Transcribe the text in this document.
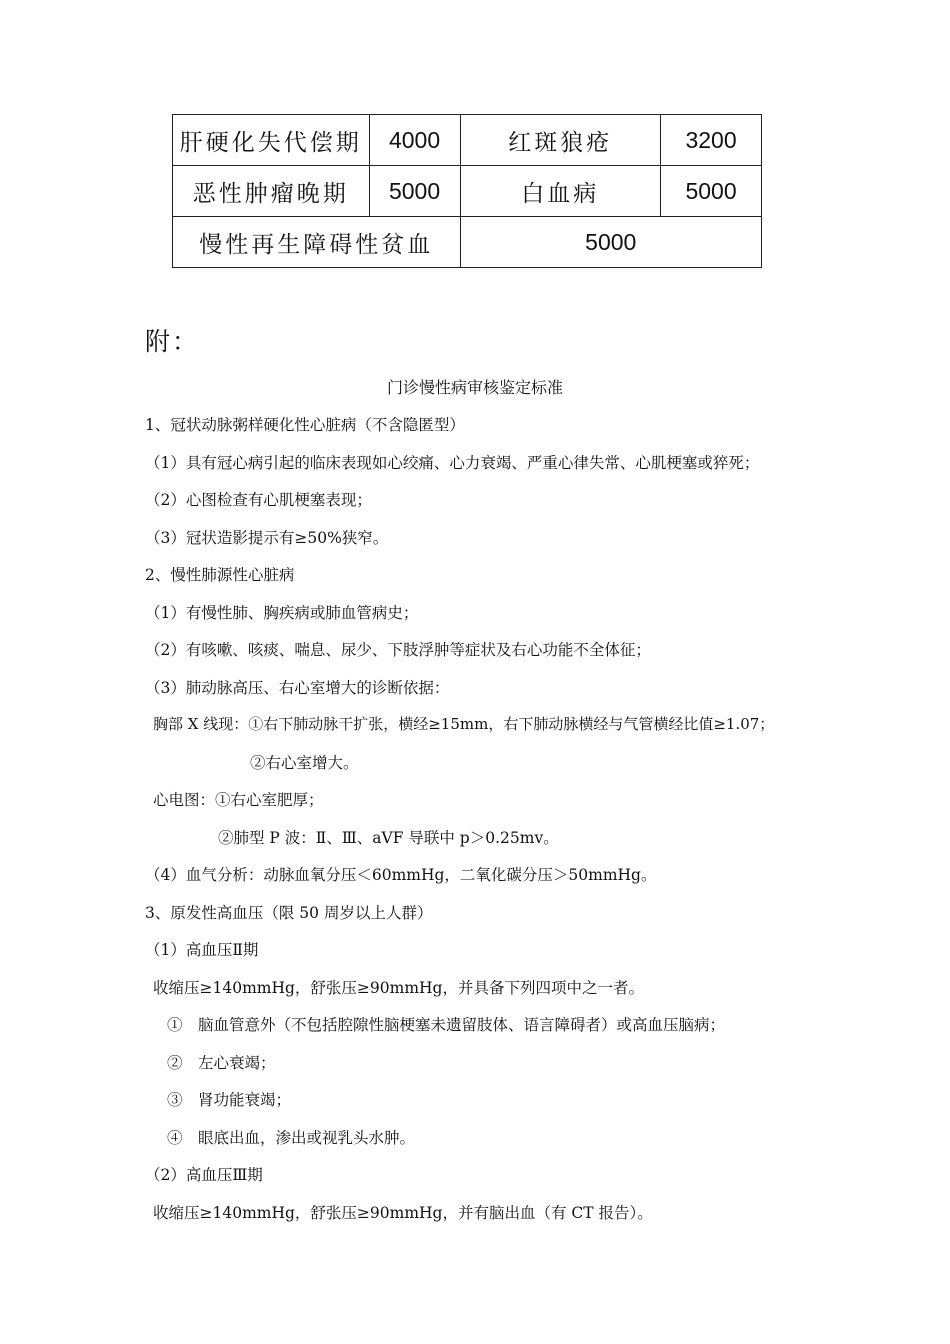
肝硬化失代偿期	4000	红斑狼疮	3200
恶性肿瘤晚期	5000	白血病	5000
慢性再生障碍性贫血		5000	
附：
门诊慢性病审核鉴定标准
1、冠状动脉粥样硬化性心脏病（不含隐匿型）
（1）具有冠心病引起的临床表现如心绞痛、心力衰竭、严重心律失常、心肌梗塞或猝死；
（2）心图检查有心肌梗塞表现；
（3）冠状造影提示有≥50%狭窄。
2、慢性肺源性心脏病
（1）有慢性肺、胸疾病或肺血管病史；
（2）有咳嗽、咳痰、喘息、尿少、下肢浮肿等症状及右心功能不全体征；
（3）肺动脉高压、右心室增大的诊断依据：
胸部 X 线现：①右下肺动脉干扩张，横经≥15mm，右下肺动脉横经与气管横经比值≥1.07；
②右心室增大。
心电图：①右心室肥厚；
②肺型 P 波：Ⅱ、Ⅲ、aVF 导联中 p＞0.25mv。
（4）血气分析：动脉血氧分压＜60mmHg，二氧化碳分压＞50mmHg。
3、原发性高血压（限 50 周岁以上人群）
（1）高血压Ⅱ期
收缩压≥140mmHg，舒张压≥90mmHg，并具备下列四项中之一者。
①　脑血管意外（不包括腔隙性脑梗塞未遗留肢体、语言障碍者）或高血压脑病；
②　左心衰竭；
③　肾功能衰竭；
④　眼底出血，渗出或视乳头水肿。
（2）高血压Ⅲ期
收缩压≥140mmHg，舒张压≥90mmHg，并有脑出血（有 CT 报告）。
